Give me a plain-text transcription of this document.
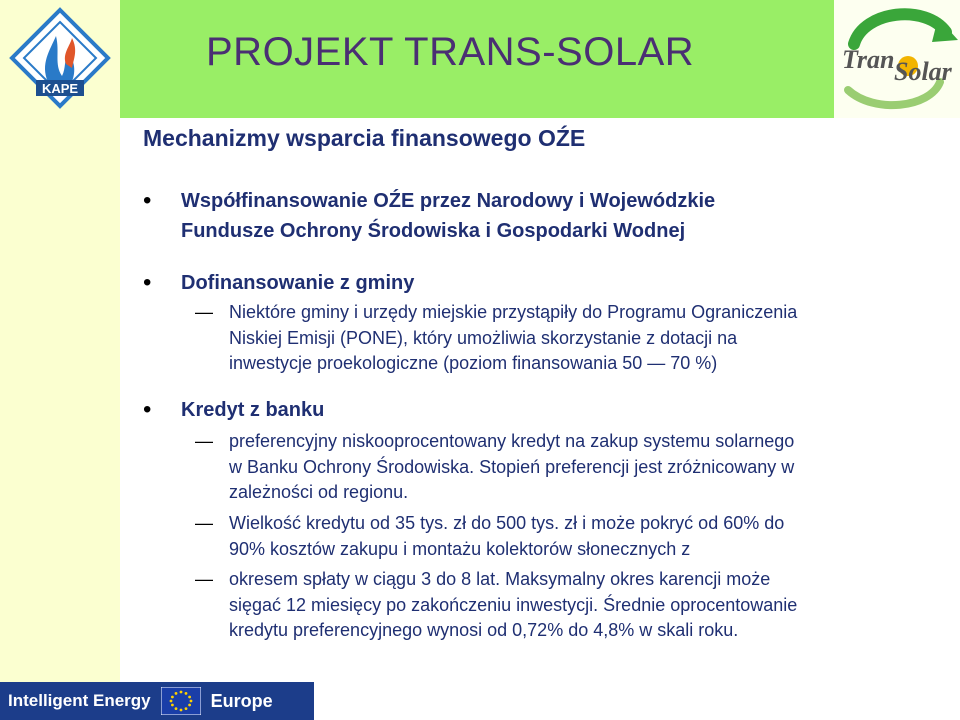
KAPE
Tran Solar
PROJEKT TRANS-SOLAR
Mechanizmy wsparcia finansowego OŹE
•	Współfinansowanie OŹE przez Narodowy i Wojewódzkie
Fundusze Ochrony Środowiska i Gospodarki Wodnej
•	Dofinansowanie z gminy
— Niektóre gminy i urzędy miejskie przystąpiły do Programu Ograniczenia
Niskiej Emisji (PONE), który umożliwia skorzystanie z dotacji na
inwestycje proekologiczne (poziom finansowania 50 — 70 %)
•	Kredyt z banku
— preferencyjny niskooprocentowany kredyt na zakup systemu solarnego
w Banku Ochrony Środowiska. Stopień preferencji jest zróżnicowany w
zależności od regionu.
— Wielkość kredytu od 35 tys. zł do 500 tys. zł i może pokryć od 60% do
90% kosztów zakupu i montażu kolektorów słonecznych z
— okresem spłaty w ciągu 3 do 8 lat. Maksymalny okres karencji może
sięgać 12 miesięcy po zakończeniu inwestycji. Średnie oprocentowanie
kredytu preferencyjnego wynosi od 0,72% do 4,8% w skali roku.
Intelligent Energy	Europe
